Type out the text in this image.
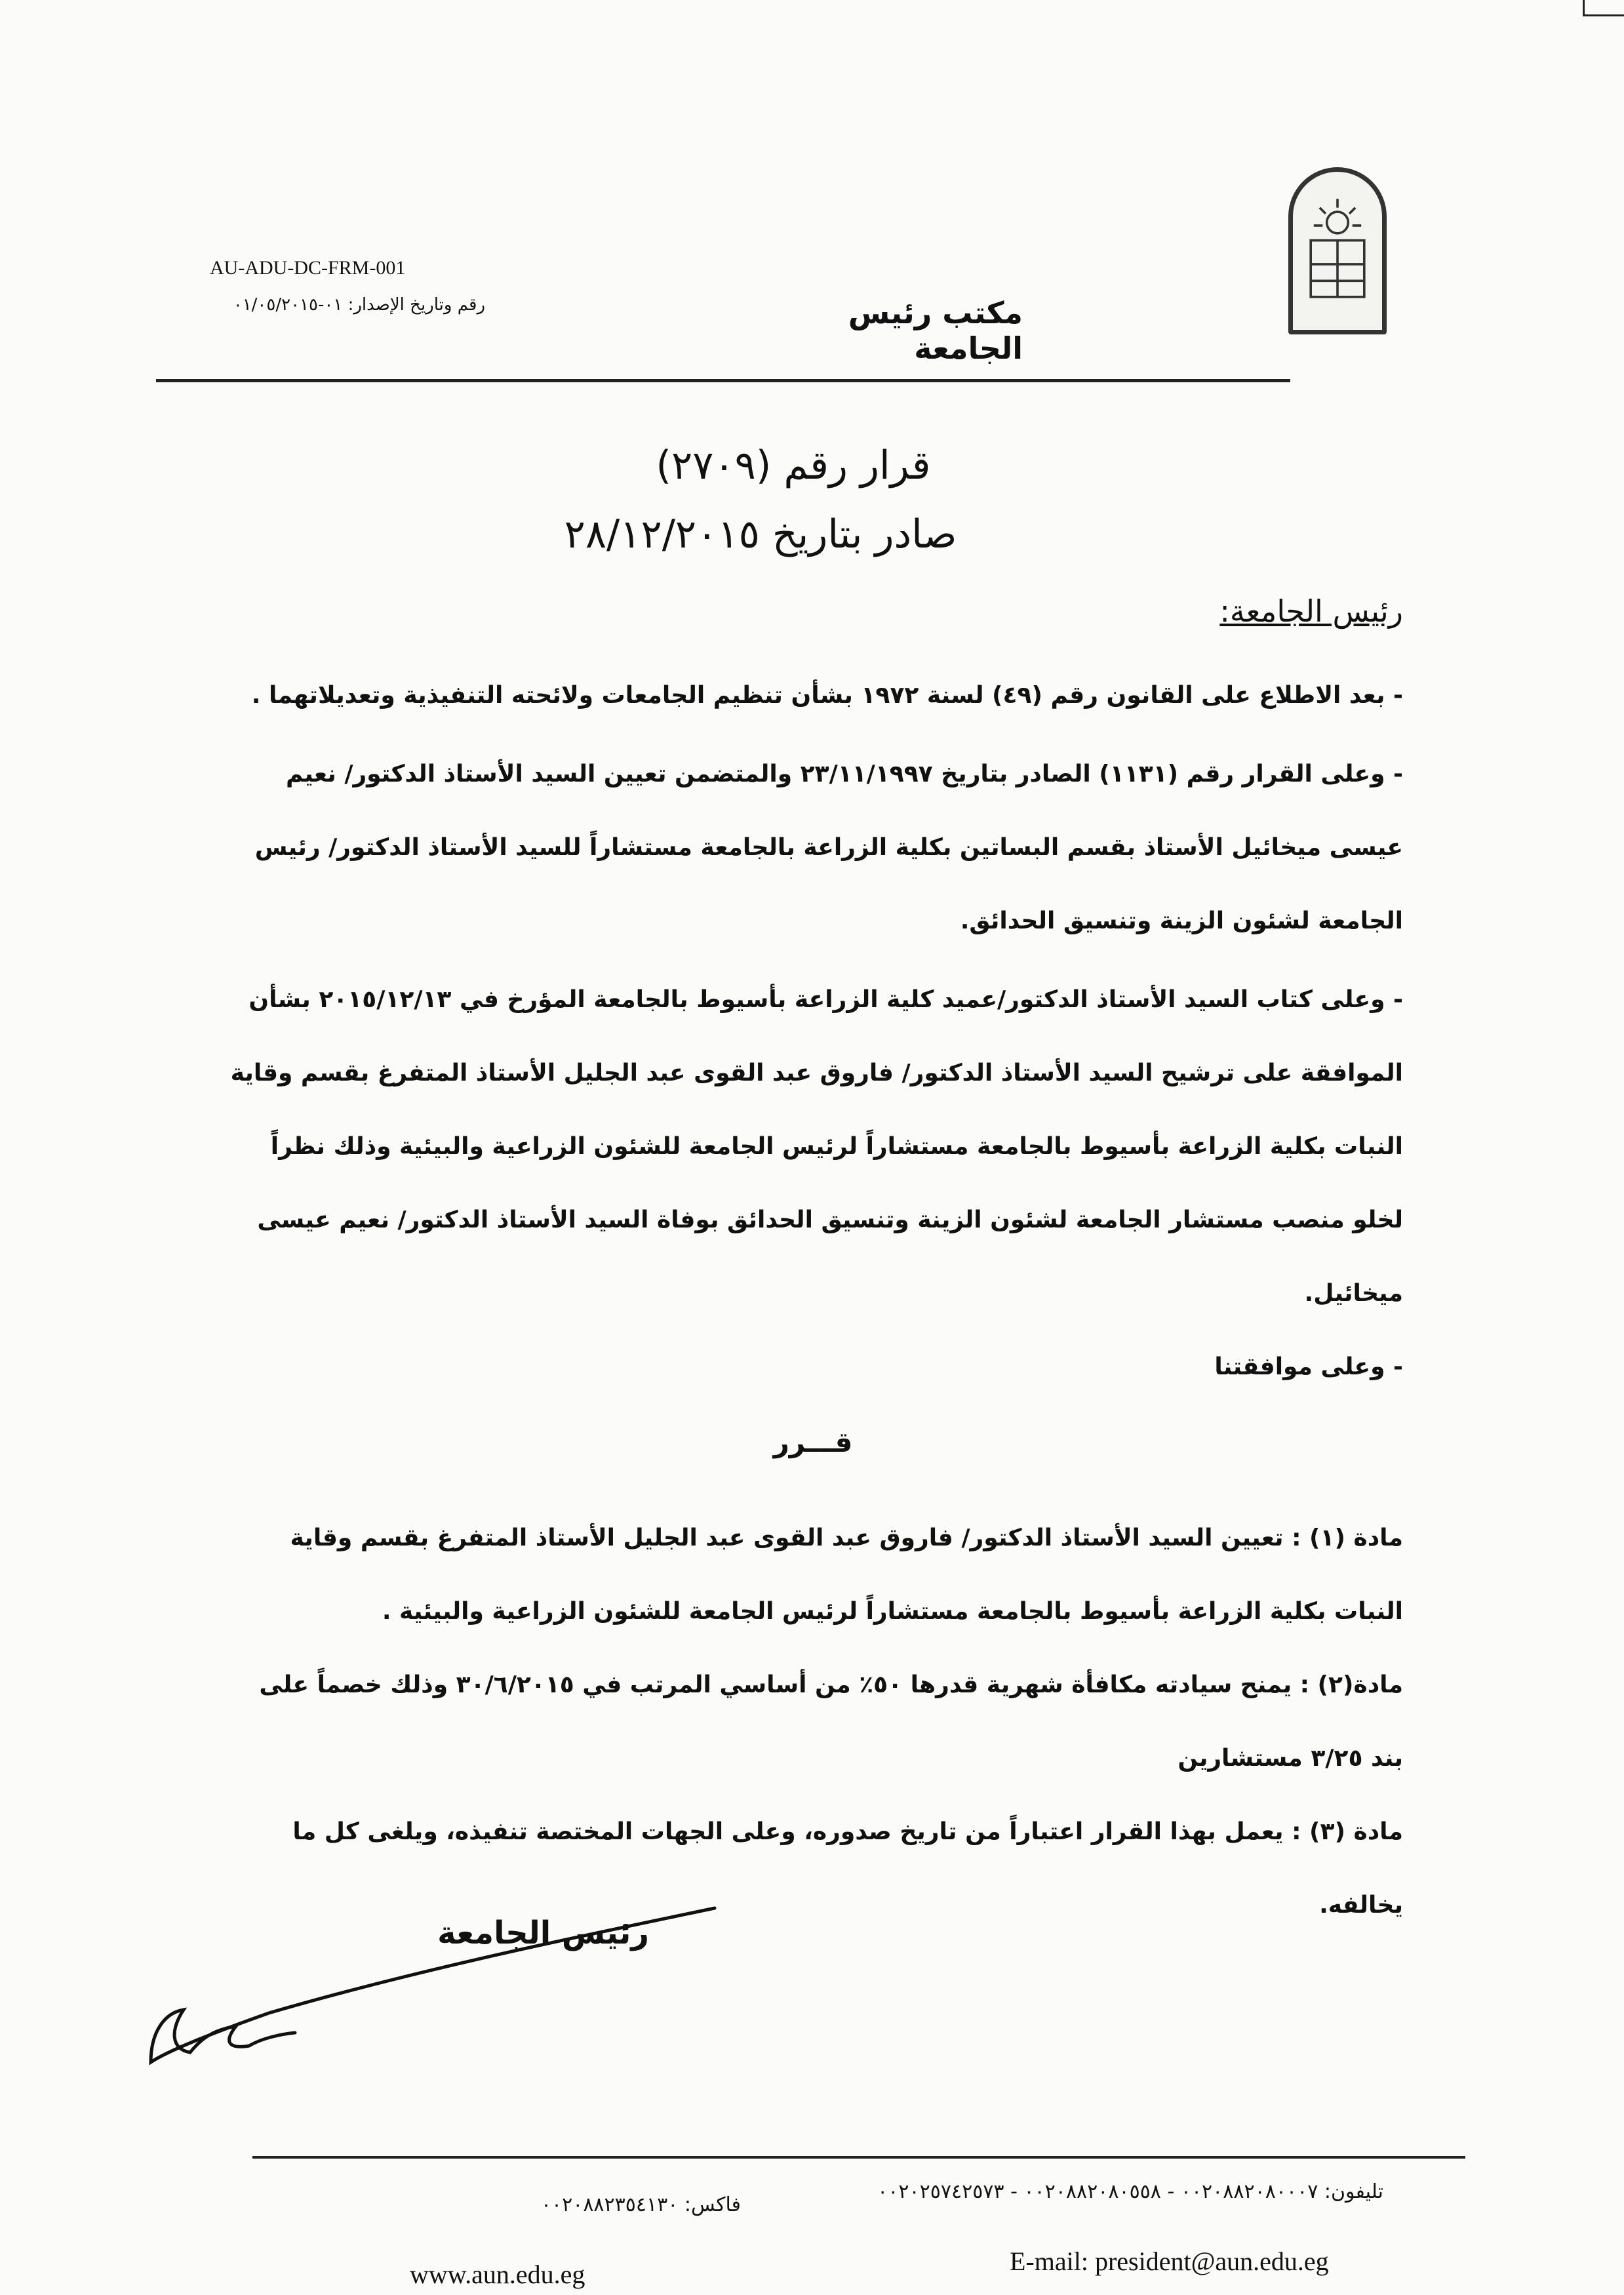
AU-ADU-DC-FRM-001
رقم وتاريخ الإصدار: ٠١-٠١/٠٥/٢٠١٥	مكتب رئيس الجامعة
قرار رقم (٢٧٠٩)
صادر بتاريخ ٢٨/١٢/٢٠١٥
رئيس الجامعة:
- بعد الاطلاع على القانون رقم (٤٩) لسنة ١٩٧٢ بشأن تنظيم الجامعات ولائحته التنفيذية وتعديلاتهما .
- وعلى القرار رقم (١١٣١) الصادر بتاريخ ٢٣/١١/١٩٩٧ والمتضمن تعيين السيد الأستاذ الدكتور/ نعيم عيسى ميخائيل الأستاذ بقسم البساتين بكلية الزراعة بالجامعة مستشاراً للسيد الأستاذ الدكتور/ رئيس الجامعة لشئون الزينة وتنسيق الحدائق.
- وعلى كتاب السيد الأستاذ الدكتور/عميد كلية الزراعة بأسيوط بالجامعة المؤرخ في ٢٠١٥/١٢/١٣ بشأن الموافقة على ترشيح السيد الأستاذ الدكتور/ فاروق عبد القوى عبد الجليل الأستاذ المتفرغ بقسم وقاية النبات بكلية الزراعة بأسيوط بالجامعة مستشاراً لرئيس الجامعة للشئون الزراعية والبيئية وذلك نظراً لخلو منصب مستشار الجامعة لشئون الزينة وتنسيق الحدائق بوفاة السيد الأستاذ الدكتور/ نعيم عيسى ميخائيل.
- وعلى موافقتنا
قـــرر
مادة (١) : تعيين السيد الأستاذ الدكتور/ فاروق عبد القوى عبد الجليل الأستاذ المتفرغ بقسم وقاية النبات بكلية الزراعة بأسيوط بالجامعة مستشاراً لرئيس الجامعة للشئون الزراعية والبيئية .
مادة(٢) : يمنح سيادته مكافأة شهرية قدرها ٥٠٪ من أساسي المرتب في ٣٠/٦/٢٠١٥ وذلك خصماً على بند ٣/٢٥ مستشارين
مادة (٣) : يعمل بهذا القرار اعتباراً من تاريخ صدوره، وعلى الجهات المختصة تنفيذه، ويلغى كل ما يخالفه.
رئيس الجامعة
تليفون: ٠٠٢٠٨٨٢٠٨٠٠٠٧ - ٠٠٢٠٨٨٢٠٨٠٥٥٨ - ٠٠٢٠٢٥٧٤٢٥٧٣
فاكس: ٠٠٢٠٨٨٢٣٥٤١٣٠
E-mail: president@aun.edu.eg
www.aun.edu.eg
